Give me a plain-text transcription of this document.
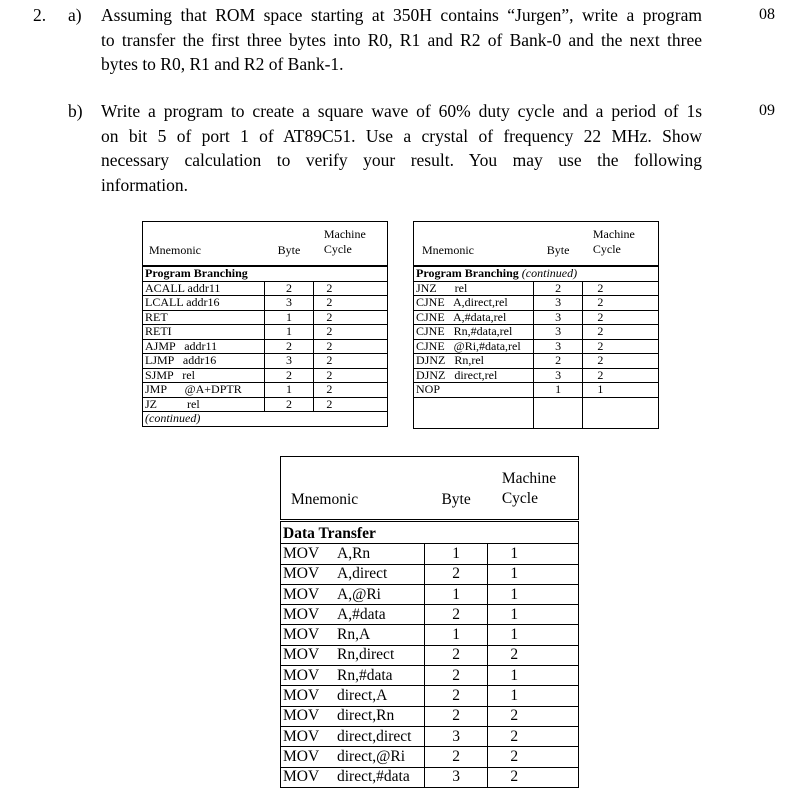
2. a) Assuming that ROM space starting at 350H contains “Jurgen”, write a program
to transfer the first three bytes into R0, R1 and R2 of Bank-0 and the next three
bytes to R0, R1 and R2 of Bank-1.
08
b) Write a program to create a square wave of 60% duty cycle and a period of 1s
on bit 5 of port 1 of AT89C51. Use a crystal of frequency 22 MHz. Show
necessary calculation to verify your result. You may use the following
information.
09
Mnemonic	Byte	Machine
Cycle

Program Branching		
ACALL addr11	2	2
LCALL addr16	3	2
RET	1	2
RETI	1	2
AJMP   addr11	2	2
LJMP   addr16	3	2
SJMP   rel	2	2
JMP      @A+DPTR	1	2
JZ          rel	2	2
(continued)		
Mnemonic	Byte	Machine
Cycle

Program Branching (continued)		
JNZ      rel	2	2
CJNE   A,direct,rel	3	2
CJNE   A,#data,rel	3	2
CJNE   Rn,#data,rel	3	2
CJNE   @Ri,#data,rel	3	2
DJNZ   Rn,rel	2	2
DJNZ   direct,rel	3	2
NOP	1	1

Mnemonic	Byte	Machine
Cycle

Data Transfer		
MOV A,Rn	1	1
MOV A,direct	2	1
MOV A,@Ri	1	1
MOV A,#data	2	1
MOV Rn,A	1	1
MOV Rn,direct	2	2
MOV Rn,#data	2	1
MOV direct,A	2	1
MOV direct,Rn	2	2
MOV direct,direct	3	2
MOV direct,@Ri	2	2
MOV direct,#data	3	2
